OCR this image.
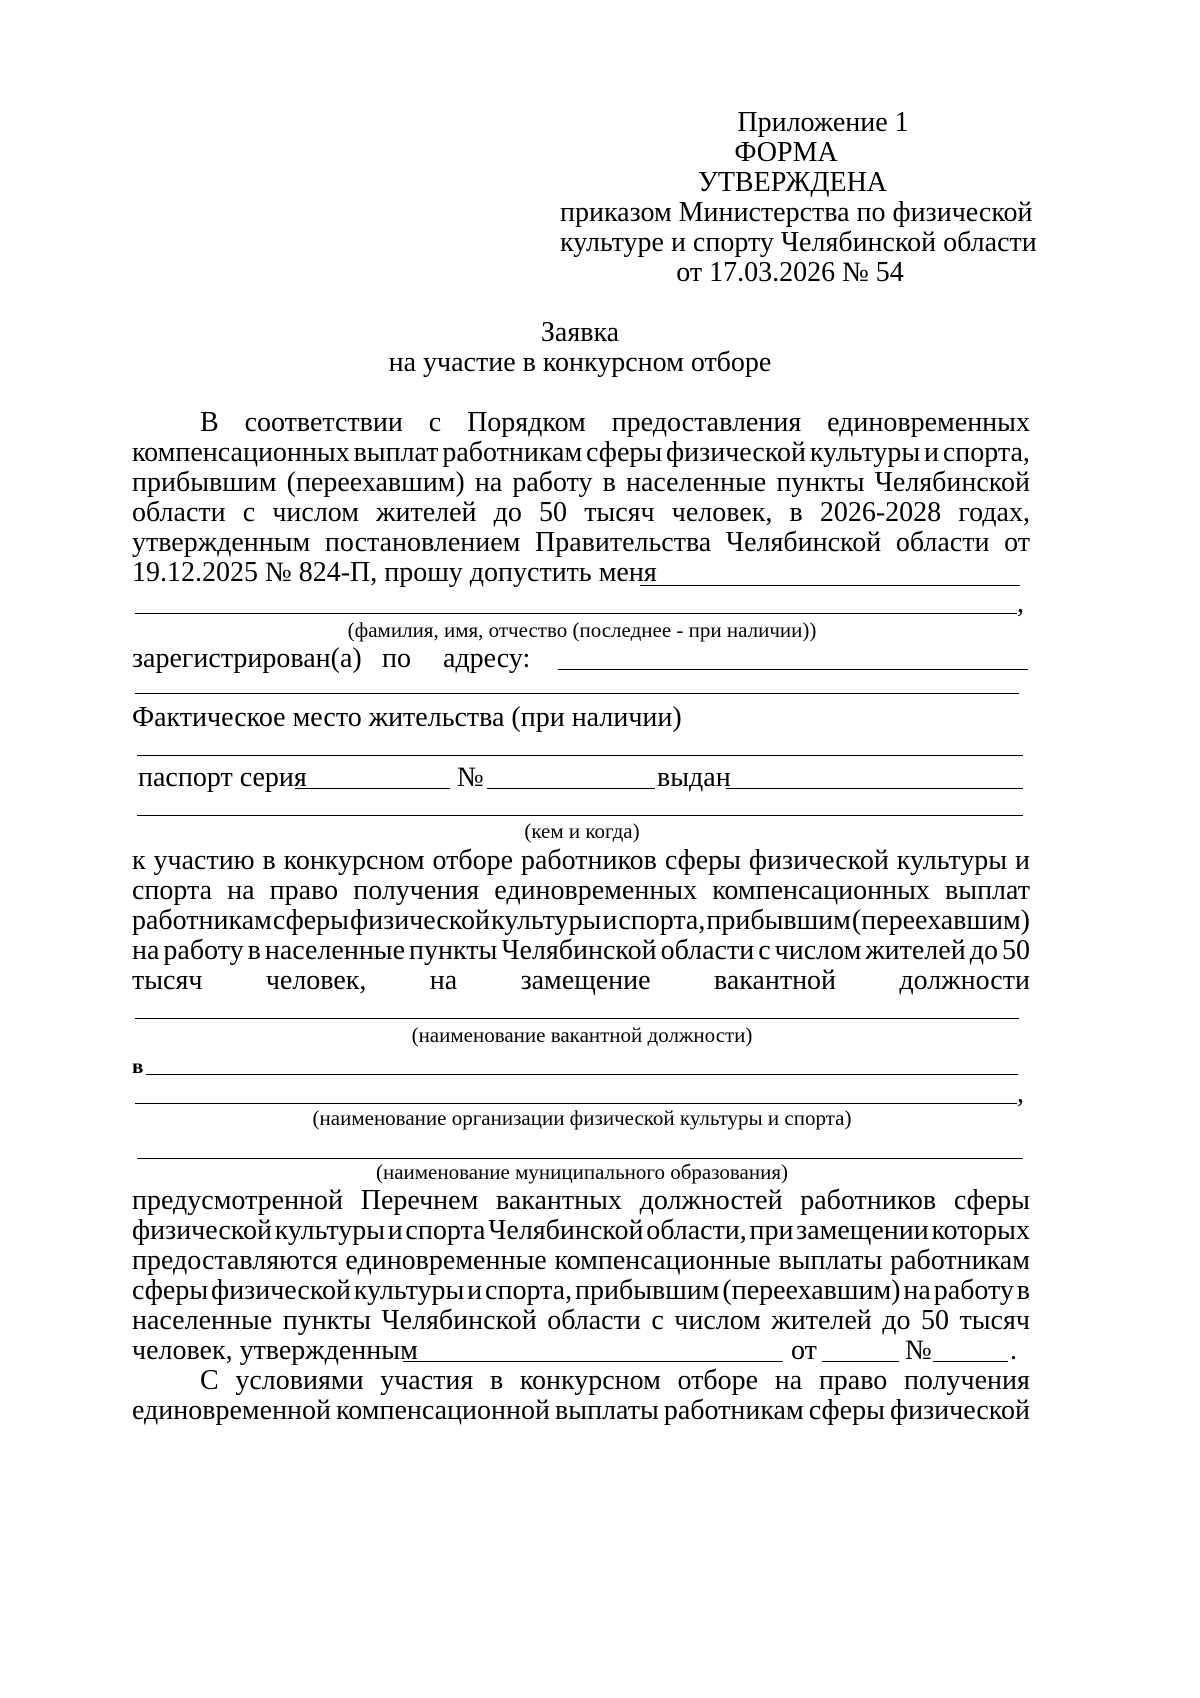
Приложение 1
ФОРМА
УТВЕРЖДЕНА
приказом Министерства по физической
культуре и спорту Челябинской области
от 17.03.2026 № 54
Заявка
на участие в конкурсном отборе
В соответствии с Порядком предоставления единовременных
компенсационных выплат работникам сферы физической культуры и спорта,
прибывшим (переехавшим) на работу в населенные пункты Челябинской
области с числом жителей до 50 тысяч человек, в 2026-2028 годах,
утвержденным постановлением Правительства Челябинской области от
19.12.2025 № 824-П, прошу допустить меня
,
(фамилия, имя, отчество (последнее - при наличии))
зарегистрирован(а) по адресу:
Фактическое место жительства (при наличии)
паспорт серия	№	выдан
(кем и когда)
к участию в конкурсном отборе работников сферы физической культуры и
спорта на право получения единовременных компенсационных выплат
работникам сферы физической культуры и спорта, прибывшим (переехавшим)
на работу в населенные пункты Челябинской области с числом жителей до 50
тысяч человек, на замещение вакантной должности
(наименование вакантной должности)
в
,
(наименование организации физической культуры и спорта)
(наименование муниципального образования)
предусмотренной Перечнем вакантных должностей работников сферы
физической культуры и спорта Челябинской области, при замещении которых
предоставляются единовременные компенсационные выплаты работникам
сферы физической культуры и спорта, прибывшим (переехавшим) на работу в
населенные пункты Челябинской области с числом жителей до 50 тысяч
человек, утвержденным	от	№	.
С условиями участия в конкурсном отборе на право получения
единовременной компенсационной выплаты работникам сферы физической
